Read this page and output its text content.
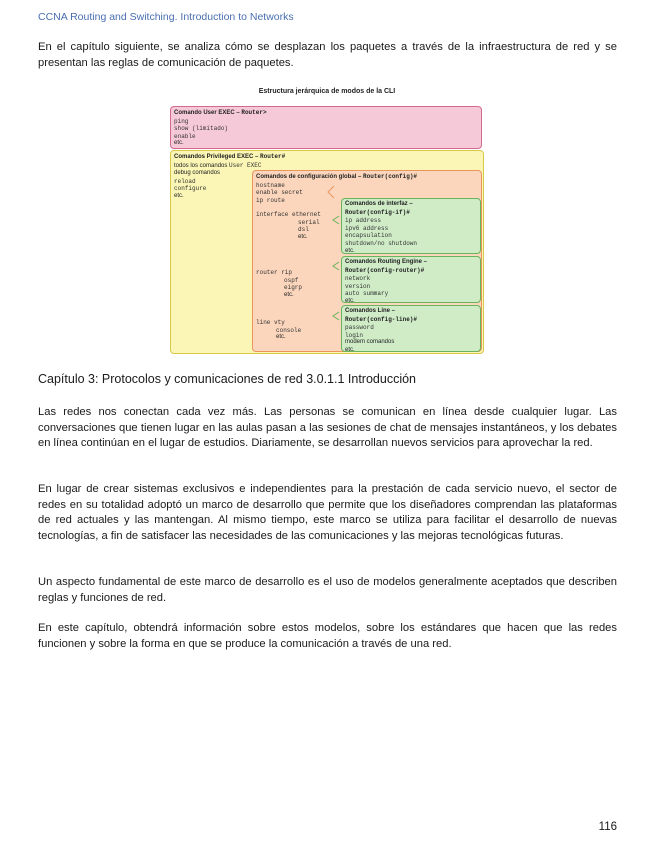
CCNA Routing and Switching. Introduction to Networks

En el capítulo siguiente, se analiza cómo se desplazan los paquetes a través de la infraestructura de red y se presentan las reglas de comunicación de paquetes.

Estructura jerárquica de modos de la CLI
Comando User EXEC – Router>
ping
show (limitado)
enable
etc.
Comandos Privileged EXEC – Router#
todos los comandos User EXEC
debug comandos
reload
configure
etc.
Comandos de configuración global – Router(config)#
hostname
enable secret
ip route
interface ethernet
serial
dsl
etc.
router rip
ospf
eigrp
etc.
line vty
console
etc.
Comandos de interfaz –
Router(config-if)#
ip address
ipv6 address
encapsulation
shutdown/no shutdown
etc.
Comandos Routing Engine –
Router(config-router)#
network
version
auto summary
etc.
Comandos Line –
Router(config-line)#
password
login
modem comandos
etc.
Capítulo 3: Protocolos y comunicaciones de red 3.0.1.1 Introducción

Las redes nos conectan cada vez más. Las personas se comunican en línea desde cualquier lugar. Las conversaciones que tienen lugar en las aulas pasan a las sesiones de chat de mensajes instantáneos, y los debates en línea continúan en el lugar de estudios. Diariamente, se desarrollan nuevos servicios para aprovechar la red.

En lugar de crear sistemas exclusivos e independientes para la prestación de cada servicio nuevo, el sector de redes en su totalidad adoptó un marco de desarrollo que permite que los diseñadores comprendan las plataformas de red actuales y las mantengan. Al mismo tiempo, este marco se utiliza para facilitar el desarrollo de nuevas tecnologías, a fin de satisfacer las necesidades de las comunicaciones y las mejoras tecnológicas futuras.

Un aspecto fundamental de este marco de desarrollo es el uso de modelos generalmente aceptados que describen reglas y funciones de red.

En este capítulo, obtendrá información sobre estos modelos, sobre los estándares que hacen que las redes funcionen y sobre la forma en que se produce la comunicación a través de una red.

116
